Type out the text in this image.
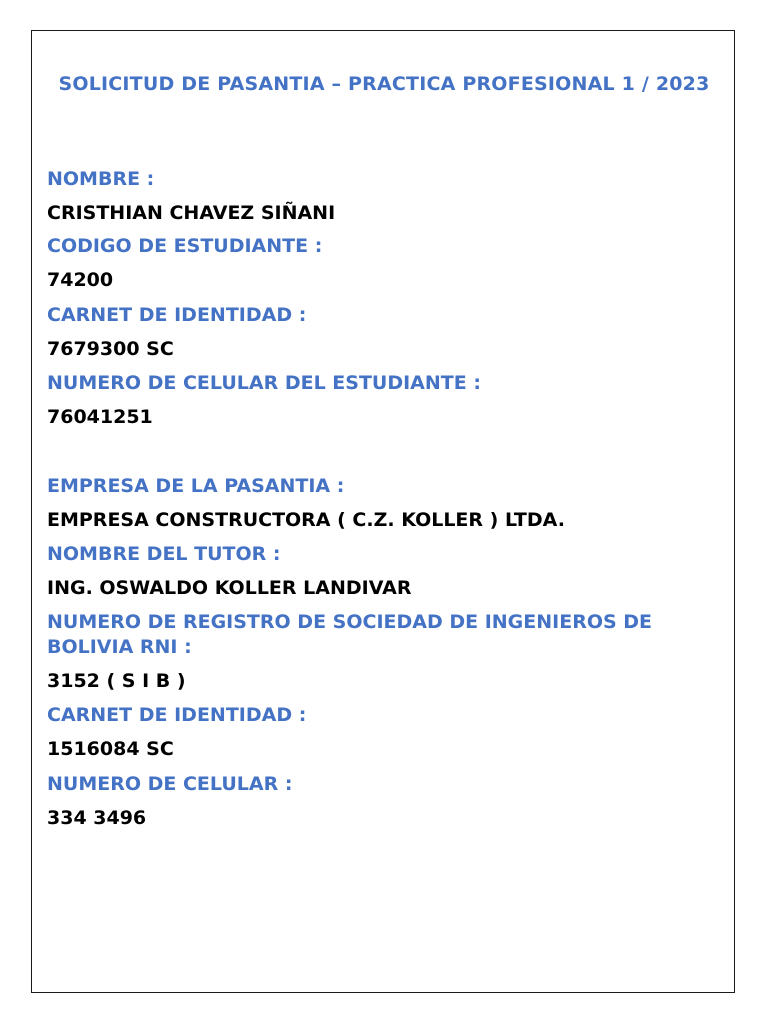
SOLICITUD DE PASANTIA – PRACTICA PROFESIONAL 1 / 2023
NOMBRE :
CRISTHIAN CHAVEZ SIÑANI
CODIGO DE ESTUDIANTE :
74200
CARNET DE IDENTIDAD :
7679300 SC
NUMERO DE CELULAR DEL ESTUDIANTE :
76041251
EMPRESA DE LA PASANTIA :
EMPRESA CONSTRUCTORA ( C.Z. KOLLER ) LTDA.
NOMBRE DEL TUTOR :
ING. OSWALDO KOLLER LANDIVAR
NUMERO DE REGISTRO DE SOCIEDAD DE INGENIEROS DE BOLIVIA RNI :
3152 ( S I B )
CARNET DE IDENTIDAD :
1516084 SC
NUMERO DE CELULAR :
334 3496
